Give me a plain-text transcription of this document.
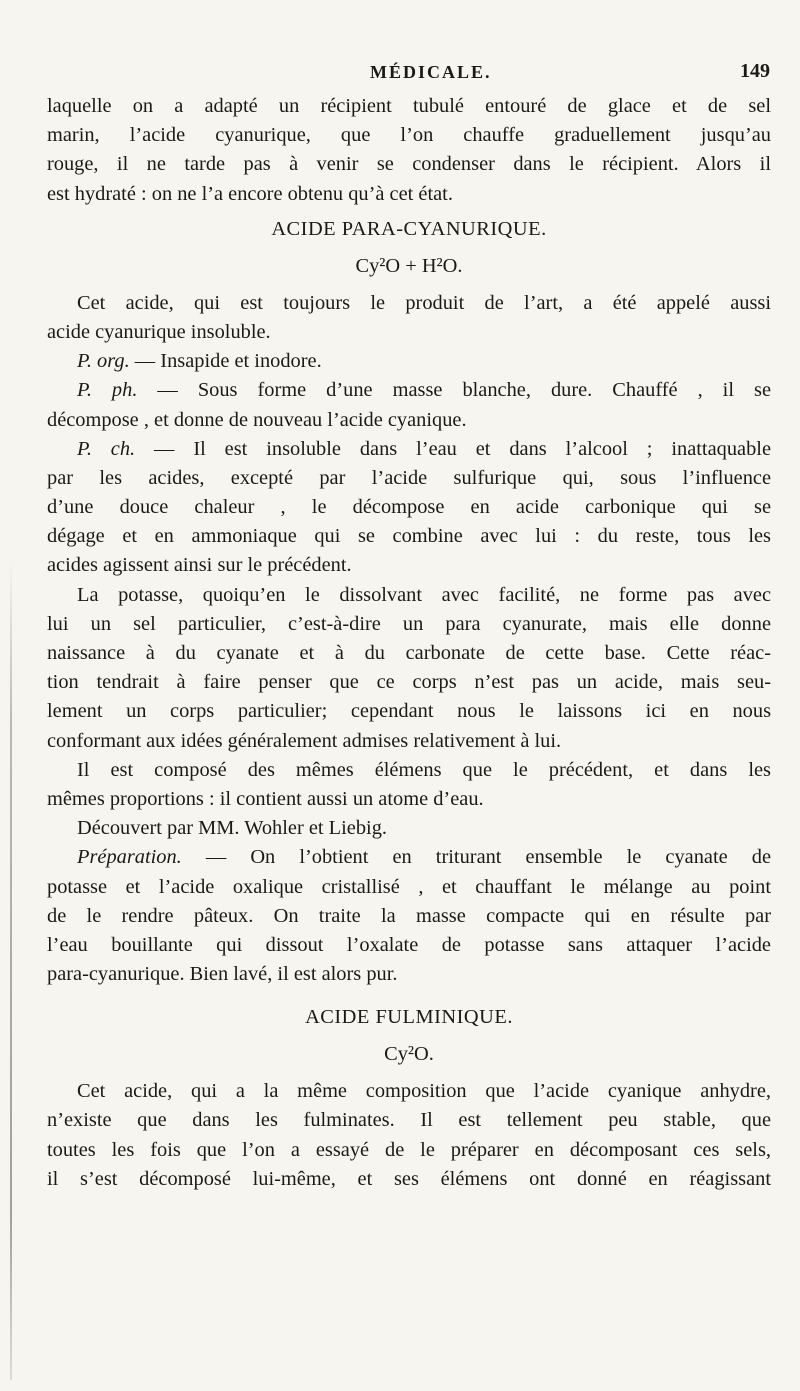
MÉDICALE.	149
laquelle on a adapté un récipient tubulé entouré de glace et de sel
marin, l’acide cyanurique, que l’on chauffe graduellement jusqu’au
rouge, il ne tarde pas à venir se condenser dans le récipient. Alors il
est hydraté : on ne l’a encore obtenu qu’à cet état.
ACIDE PARA-CYANURIQUE.
Cy²O + H²O.
Cet acide, qui est toujours le produit de l’art, a été appelé aussi
acide cyanurique insoluble.
P. org. — Insapide et inodore.
P. ph. — Sous forme d’une masse blanche, dure. Chauffé , il se
décompose , et donne de nouveau l’acide cyanique.
P. ch. — Il est insoluble dans l’eau et dans l’alcool ; inattaquable
par les acides, excepté par l’acide sulfurique qui, sous l’influence
d’une douce chaleur , le décompose en acide carbonique qui se
dégage et en ammoniaque qui se combine avec lui : du reste, tous les
acides agissent ainsi sur le précédent.
La potasse, quoiqu’en le dissolvant avec facilité, ne forme pas avec
lui un sel particulier, c’est-à-dire un para cyanurate, mais elle donne
naissance à du cyanate et à du carbonate de cette base. Cette réac-
tion tendrait à faire penser que ce corps n’est pas un acide, mais seu-
lement un corps particulier; cependant nous le laissons ici en nous
conformant aux idées généralement admises relativement à lui.
Il est composé des mêmes élémens que le précédent, et dans les
mêmes proportions : il contient aussi un atome d’eau.
Découvert par MM. Wohler et Liebig.
Préparation. — On l’obtient en triturant ensemble le cyanate de
potasse et l’acide oxalique cristallisé , et chauffant le mélange au point
de le rendre pâteux. On traite la masse compacte qui en résulte par
l’eau bouillante qui dissout l’oxalate de potasse sans attaquer l’acide
para-cyanurique. Bien lavé, il est alors pur.
ACIDE FULMINIQUE.
Cy²O.
Cet acide, qui a la même composition que l’acide cyanique anhydre,
n’existe que dans les fulminates. Il est tellement peu stable, que
toutes les fois que l’on a essayé de le préparer en décomposant ces sels,
il s’est décomposé lui-même, et ses élémens ont donné en réagissant
